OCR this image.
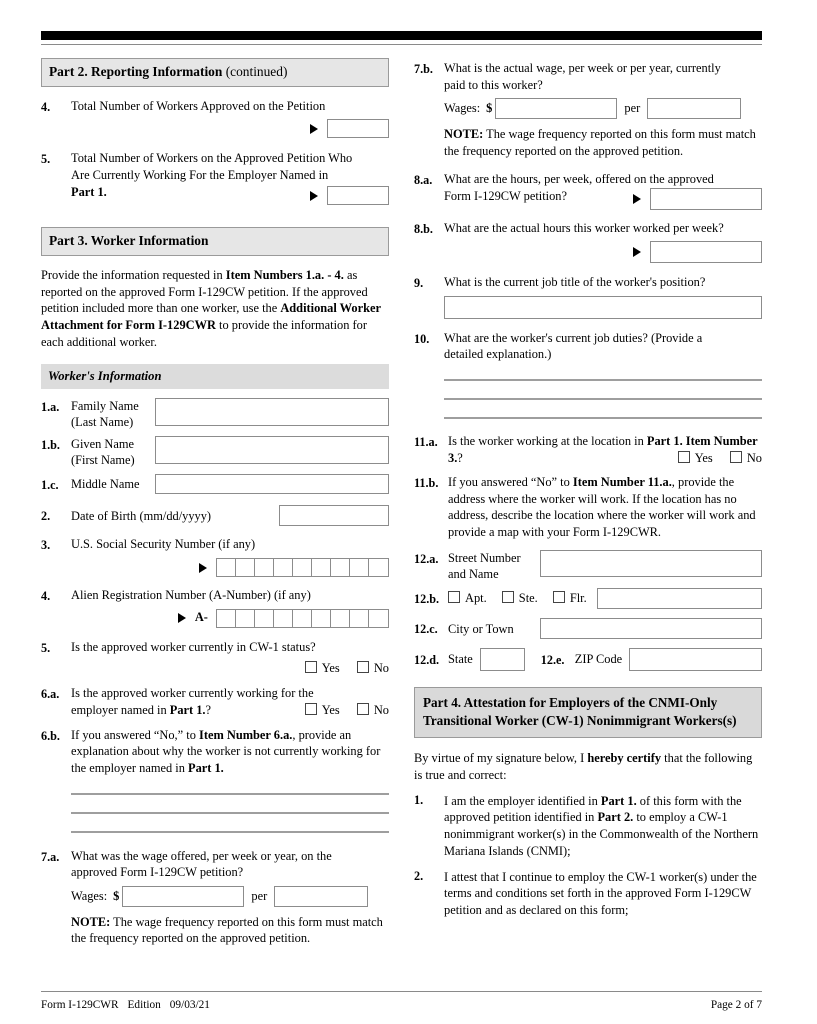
Part 2. Reporting Information (continued)
4.	Total Number of Workers Approved on the Petition

5.	Total Number of Workers on the Approved Petition Who
Are Currently Working For the Employer Named in
Part 1.

Part 3. Worker Information

Provide the information requested in Item Numbers 1.a. - 4. as reported on the approved Form I-129CW petition. If the approved petition included more than one worker, use the Additional Worker Attachment for Form I-129CWR to provide the information for each additional worker.

Worker's Information
1.a. Family Name
(Last Name)
1.b. Given Name
(First Name)
1.c. Middle Name
2.	Date of Birth (mm/dd/yyyy)
3.	U.S. Social Security Number (if any)

4.	Alien Registration Number (A-Number) (if any)
A-
5.	Is the approved worker currently in CW-1 status?
Yes	No
6.a. Is the approved worker currently working for the
employer named in Part 1.?	Yes	No
6.b. If you answered “No,” to Item Number 6.a., provide an explanation about why the worker is not currently working for the employer named in Part 1.
7.a. What was the wage offered, per week or year, on the
approved Form I-129CW petition?
Wages: $	per
NOTE: The wage frequency reported on this form must match the frequency reported on the approved petition.
7.b. What is the actual wage, per week or per year, currently
paid to this worker?
Wages: $	per
NOTE: The wage frequency reported on this form must match the frequency reported on the approved petition.
8.a. What are the hours, per week, offered on the approved
Form I-129CW petition?

8.b. What are the actual hours this worker worked per week?

9.	What is the current job title of the worker's position?
10.	What are the worker's current job duties? (Provide a
detailed explanation.)
11.a. Is the worker working at the location in Part 1. Item Number 3.?	Yes	No
11.b. If you answered “No” to Item Number 11.a., provide the address where the worker will work. If the location has no address, describe the location where the worker will work and provide a map with your Form I-129CWR.
12.a. Street Number
and Name
12.b.	Apt.	Ste.	Flr.
12.c. City or Town
12.d. State	12.e. ZIP Code
Part 4. Attestation for Employers of the CNMI-Only Transitional Worker (CW-1) Nonimmigrant Workers(s)

By virtue of my signature below, I hereby certify that the following is true and correct:

1.	I am the employer identified in Part 1. of this form with the approved petition identified in Part 2. to employ a CW-1 nonimmigrant worker(s) in the Commonwealth of the Northern Mariana Islands (CNMI);
2.	I attest that I continue to employ the CW-1 worker(s) under the terms and conditions set forth in the approved Form I-129CW petition and as declared on this form;
Form I-129CWR Edition 09/03/21	Page 2 of 7
